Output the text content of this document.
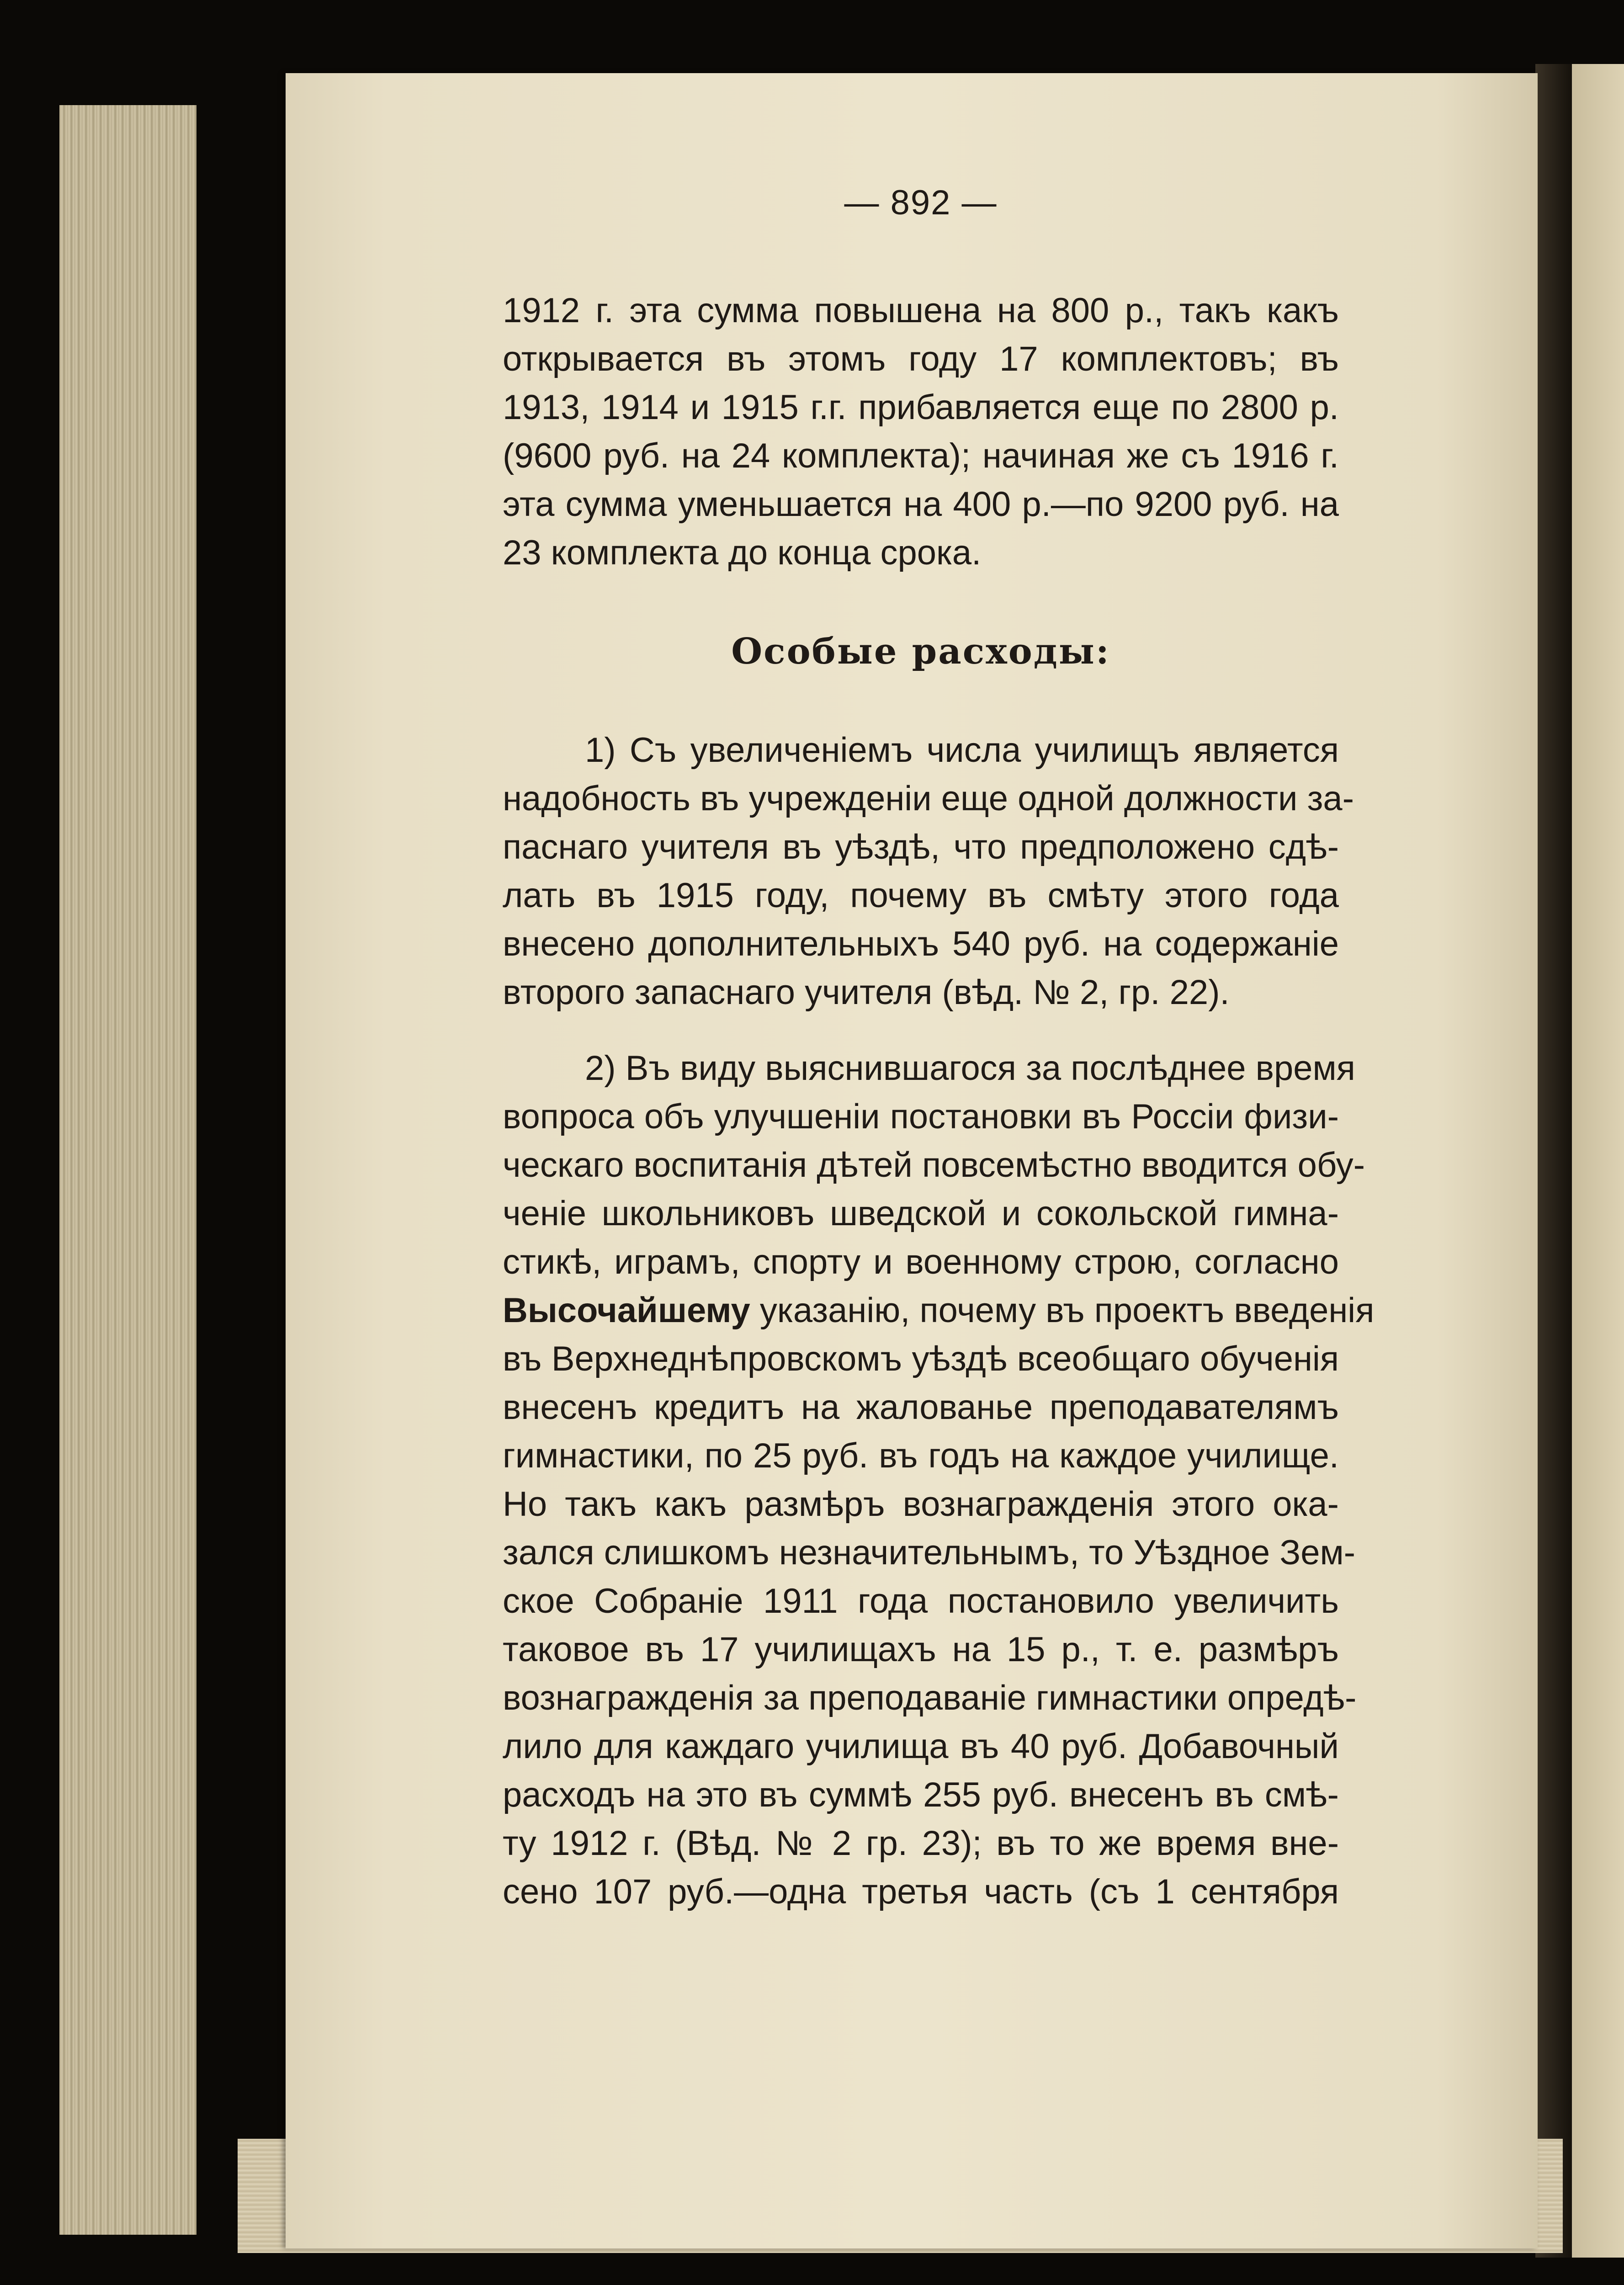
— 892 —
1912 г. эта сумма повышена на 800 р., такъ какъ
открывается въ этомъ году 17 комплектовъ; въ
1913, 1914 и 1915 г.г. прибавляется еще по 2800 р.
(9600 руб. на 24 комплекта); начиная же съ 1916 г.
эта сумма уменьшается на 400 р.—по 9200 руб. на
23 комплекта до конца срока.
Особые расходы:
1) Съ увеличеніемъ числа училищъ является
надобность въ учрежденіи еще одной должности за-
паснаго учителя въ уѣздѣ, что предположено сдѣ-
лать въ 1915 году, почему въ смѣту этого года
внесено дополнительныхъ 540 руб. на содержаніе
второго запаснаго учителя (вѣд. № 2, гр. 22).
2) Въ виду выяснившагося за послѣднее время
вопроса объ улучшеніи постановки въ Россіи физи-
ческаго воспитанія дѣтей повсемѣстно вводится обу-
ченіе школьниковъ шведской и сокольской гимна-
стикѣ, играмъ, спорту и военному строю, согласно
Высочайшему указанію, почему въ проектъ введенія
въ Верхнеднѣпровскомъ уѣздѣ всеобщаго обученія
внесенъ кредитъ на жалованье преподавателямъ
гимнастики, по 25 руб. въ годъ на каждое училище.
Но такъ какъ размѣръ вознагражденія этого ока-
зался слишкомъ незначительнымъ, то Уѣздное Зем-
ское Собраніе 1911 года постановило увеличить
таковое въ 17 училищахъ на 15 р., т. е. размѣръ
вознагражденія за преподаваніе гимнастики опредѣ-
лило для каждаго училища въ 40 руб. Добавочный
расходъ на это въ суммѣ 255 руб. внесенъ въ смѣ-
ту 1912 г. (Вѣд. № 2 гр. 23); въ то же время вне-
сено 107 руб.—одна третья часть (съ 1 сентября
